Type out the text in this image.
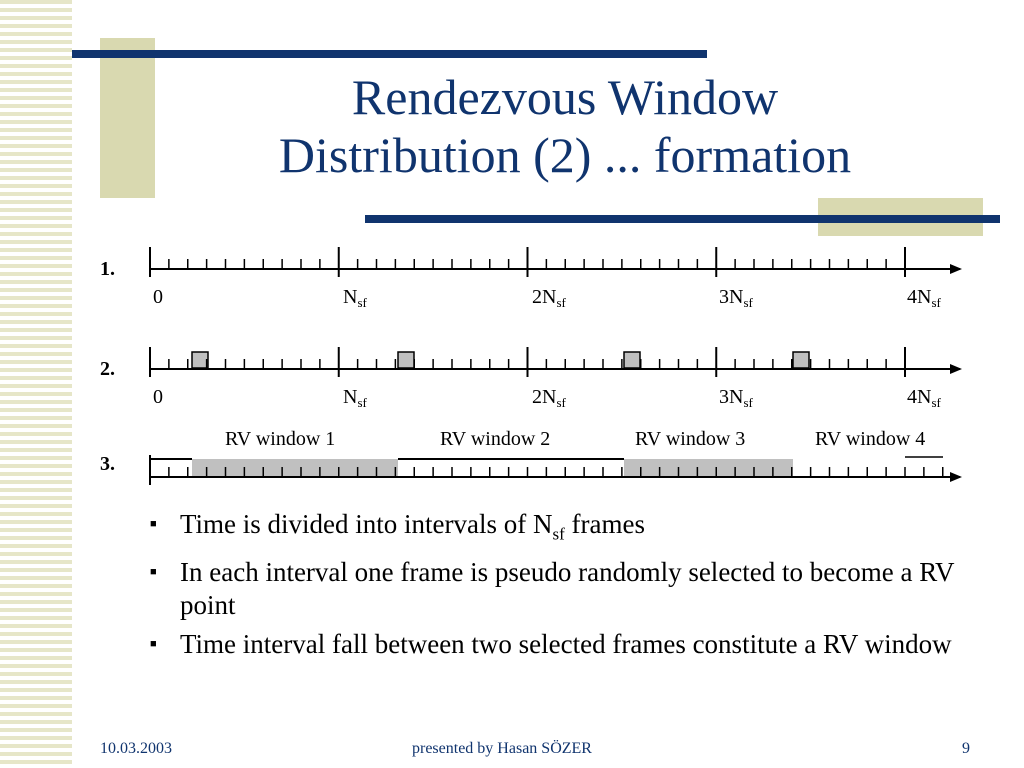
Rendezvous Window
Distribution (2) ... formation
1.
0	$N_{sf}$	$2N_{sf}$	$3N_{sf}$	$4N_{sf}$
2.
0	$N_{sf}$	$2N_{sf}$	$3N_{sf}$	$4N_{sf}$
3.
RV window 1	RV window 2	RV window 3	RV window 4
■ Time is divided into intervals of $N_{sf}$ frames
■ In each interval one frame is pseudo randomly selected to become a RV point
■ Time interval fall between two selected frames constitute a RV window
10.03.2003	presented by Hasan SÖZER	9
